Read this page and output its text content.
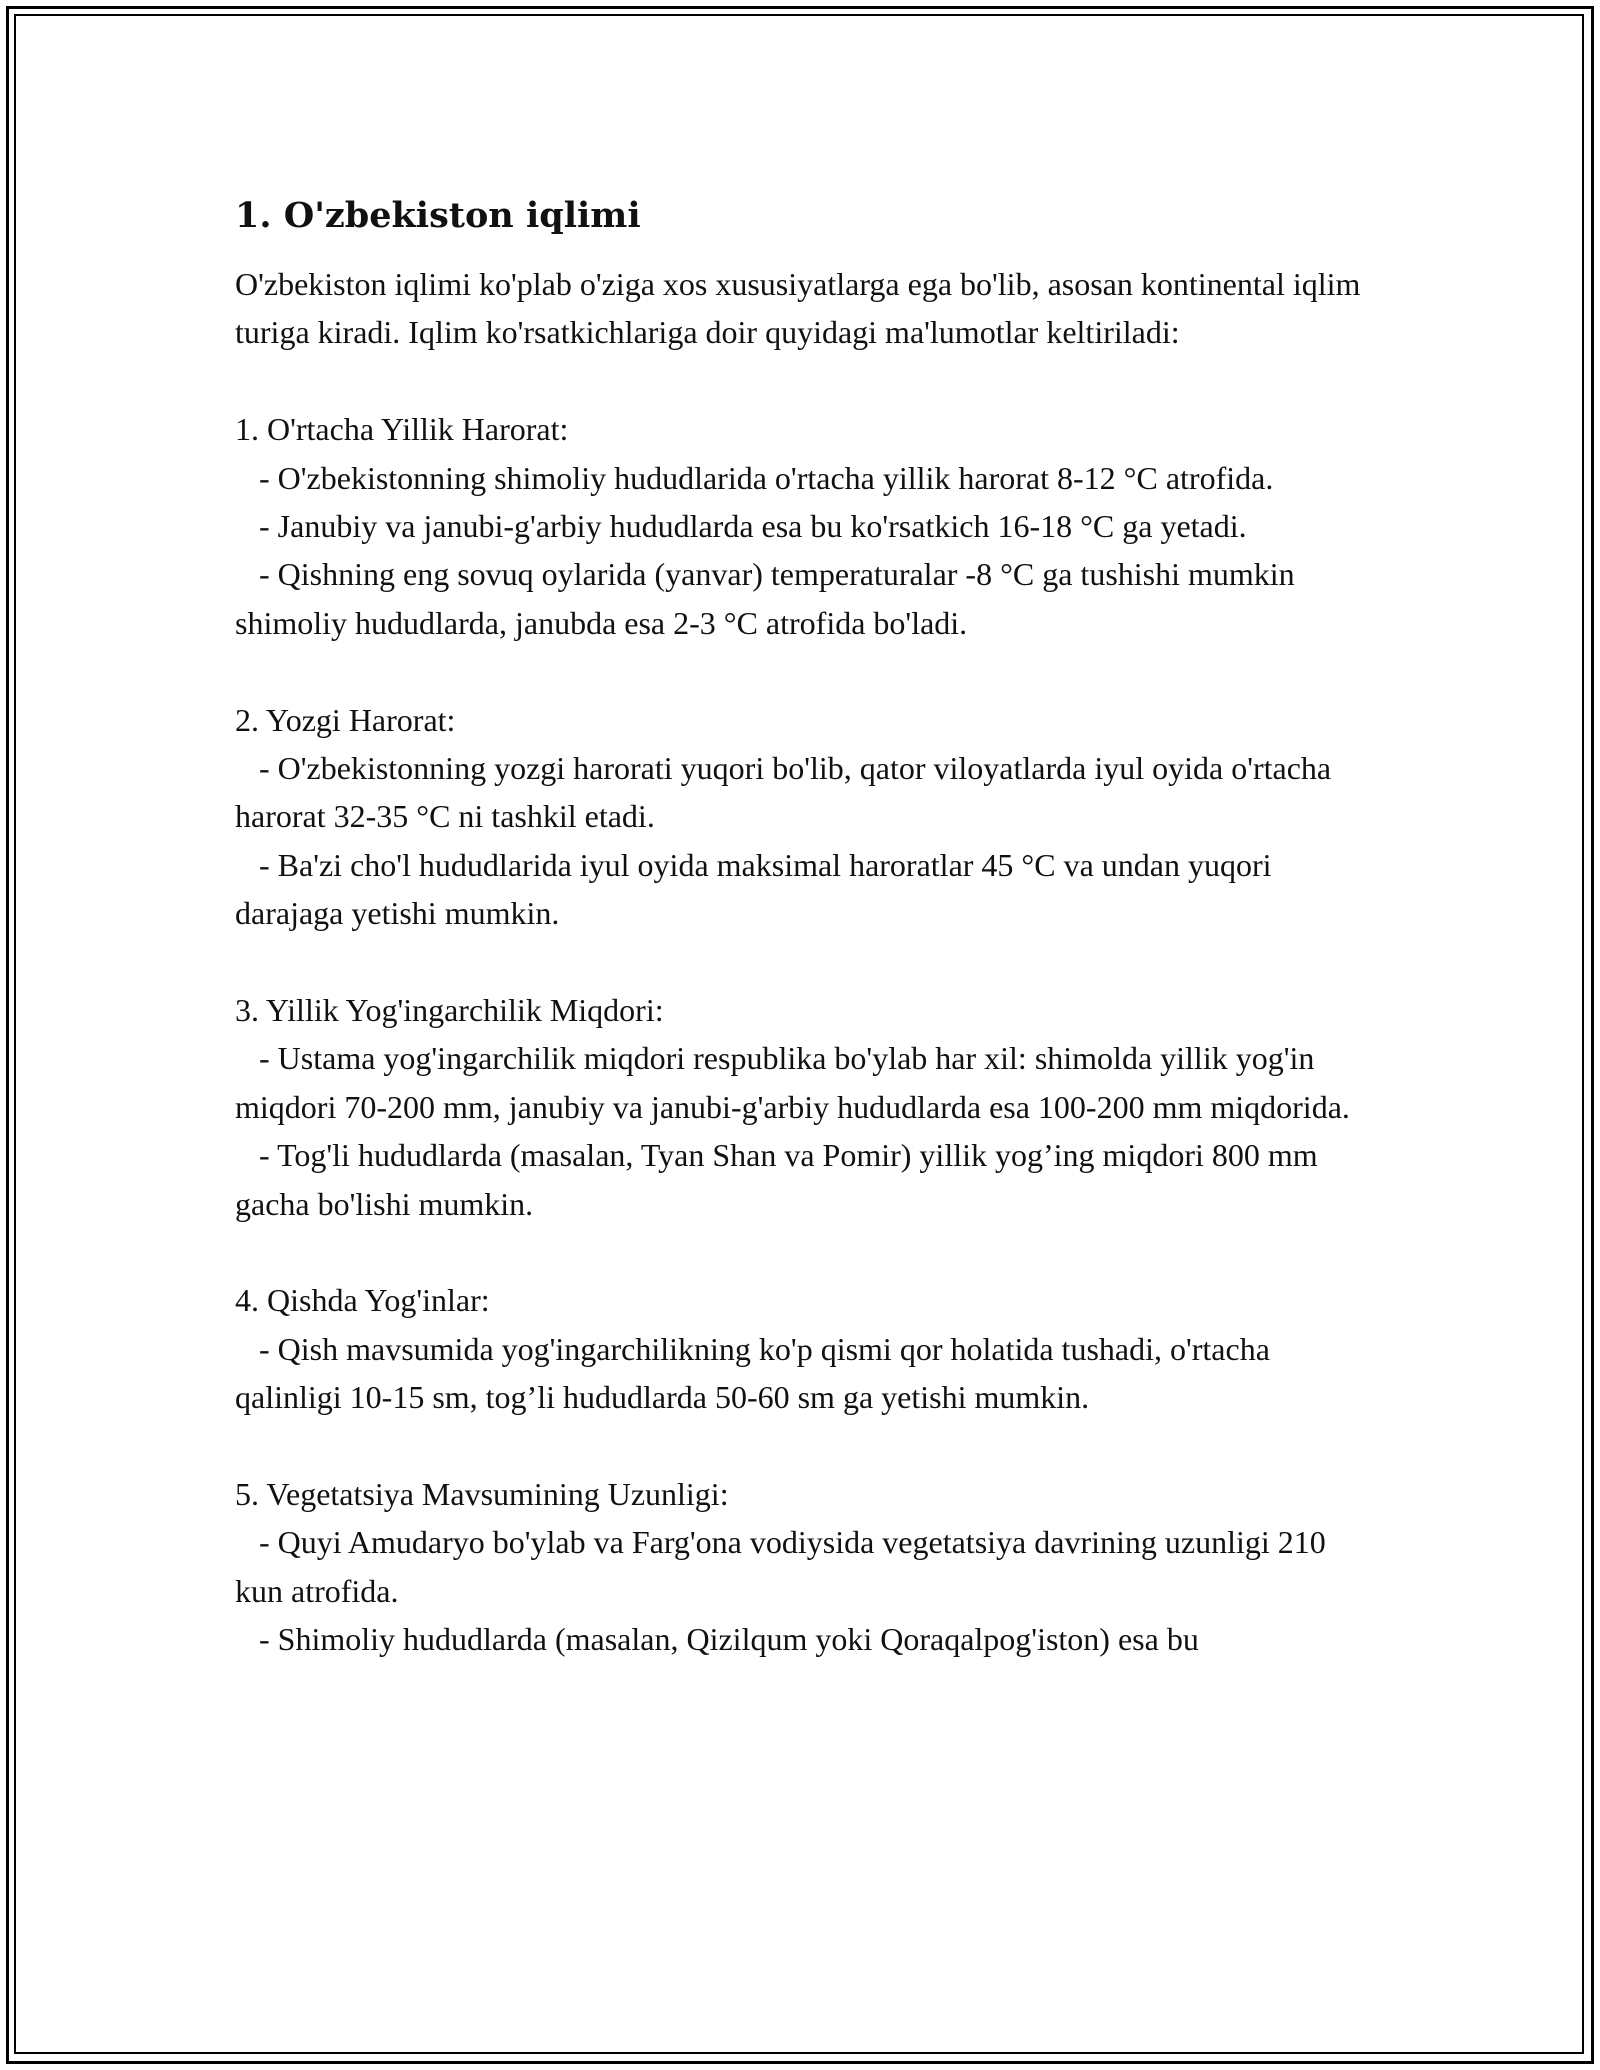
1. O'zbekiston iqlimi

O'zbekiston iqlimi ko'plab o'ziga xos xususiyatlarga ega bo'lib, asosan kontinental iqlim turiga kiradi. Iqlim ko'rsatkichlariga doir quyidagi ma'lumotlar keltiriladi:

1. O'rtacha Yillik Harorat:

- O'zbekistonning shimoliy hududlarida o'rtacha yillik harorat 8-12 °C atrofida.

- Janubiy va janubi-g'arbiy hududlarda esa bu ko'rsatkich 16-18 °C ga yetadi.

- Qishning eng sovuq oylarida (yanvar) temperaturalar -8 °C ga tushishi mumkin shimoliy hududlarda, janubda esa 2-3 °C atrofida bo'ladi.

2. Yozgi Harorat:

- O'zbekistonning yozgi harorati yuqori bo'lib, qator viloyatlarda iyul oyida o'rtacha harorat 32-35 °C ni tashkil etadi.

- Ba'zi cho'l hududlarida iyul oyida maksimal haroratlar 45 °C va undan yuqori darajaga yetishi mumkin.

3. Yillik Yog'ingarchilik Miqdori:

- Ustama yog'ingarchilik miqdori respublika bo'ylab har xil: shimolda yillik yog'in miqdori 70-200 mm, janubiy va janubi-g'arbiy hududlarda esa 100-200 mm miqdorida.

- Tog'li hududlarda (masalan, Tyan Shan va Pomir) yillik yog’ing miqdori 800 mm gacha bo'lishi mumkin.

4. Qishda Yog'inlar:

- Qish mavsumida yog'ingarchilikning ko'p qismi qor holatida tushadi, o'rtacha qalinligi 10-15 sm, tog’li hududlarda 50-60 sm ga yetishi mumkin.

5. Vegetatsiya Mavsumining Uzunligi:

- Quyi Amudaryo bo'ylab va Farg'ona vodiysida vegetatsiya davrining uzunligi 210 kun atrofida.

- Shimoliy hududlarda (masalan, Qizilqum yoki Qoraqalpog'iston) esa bu
